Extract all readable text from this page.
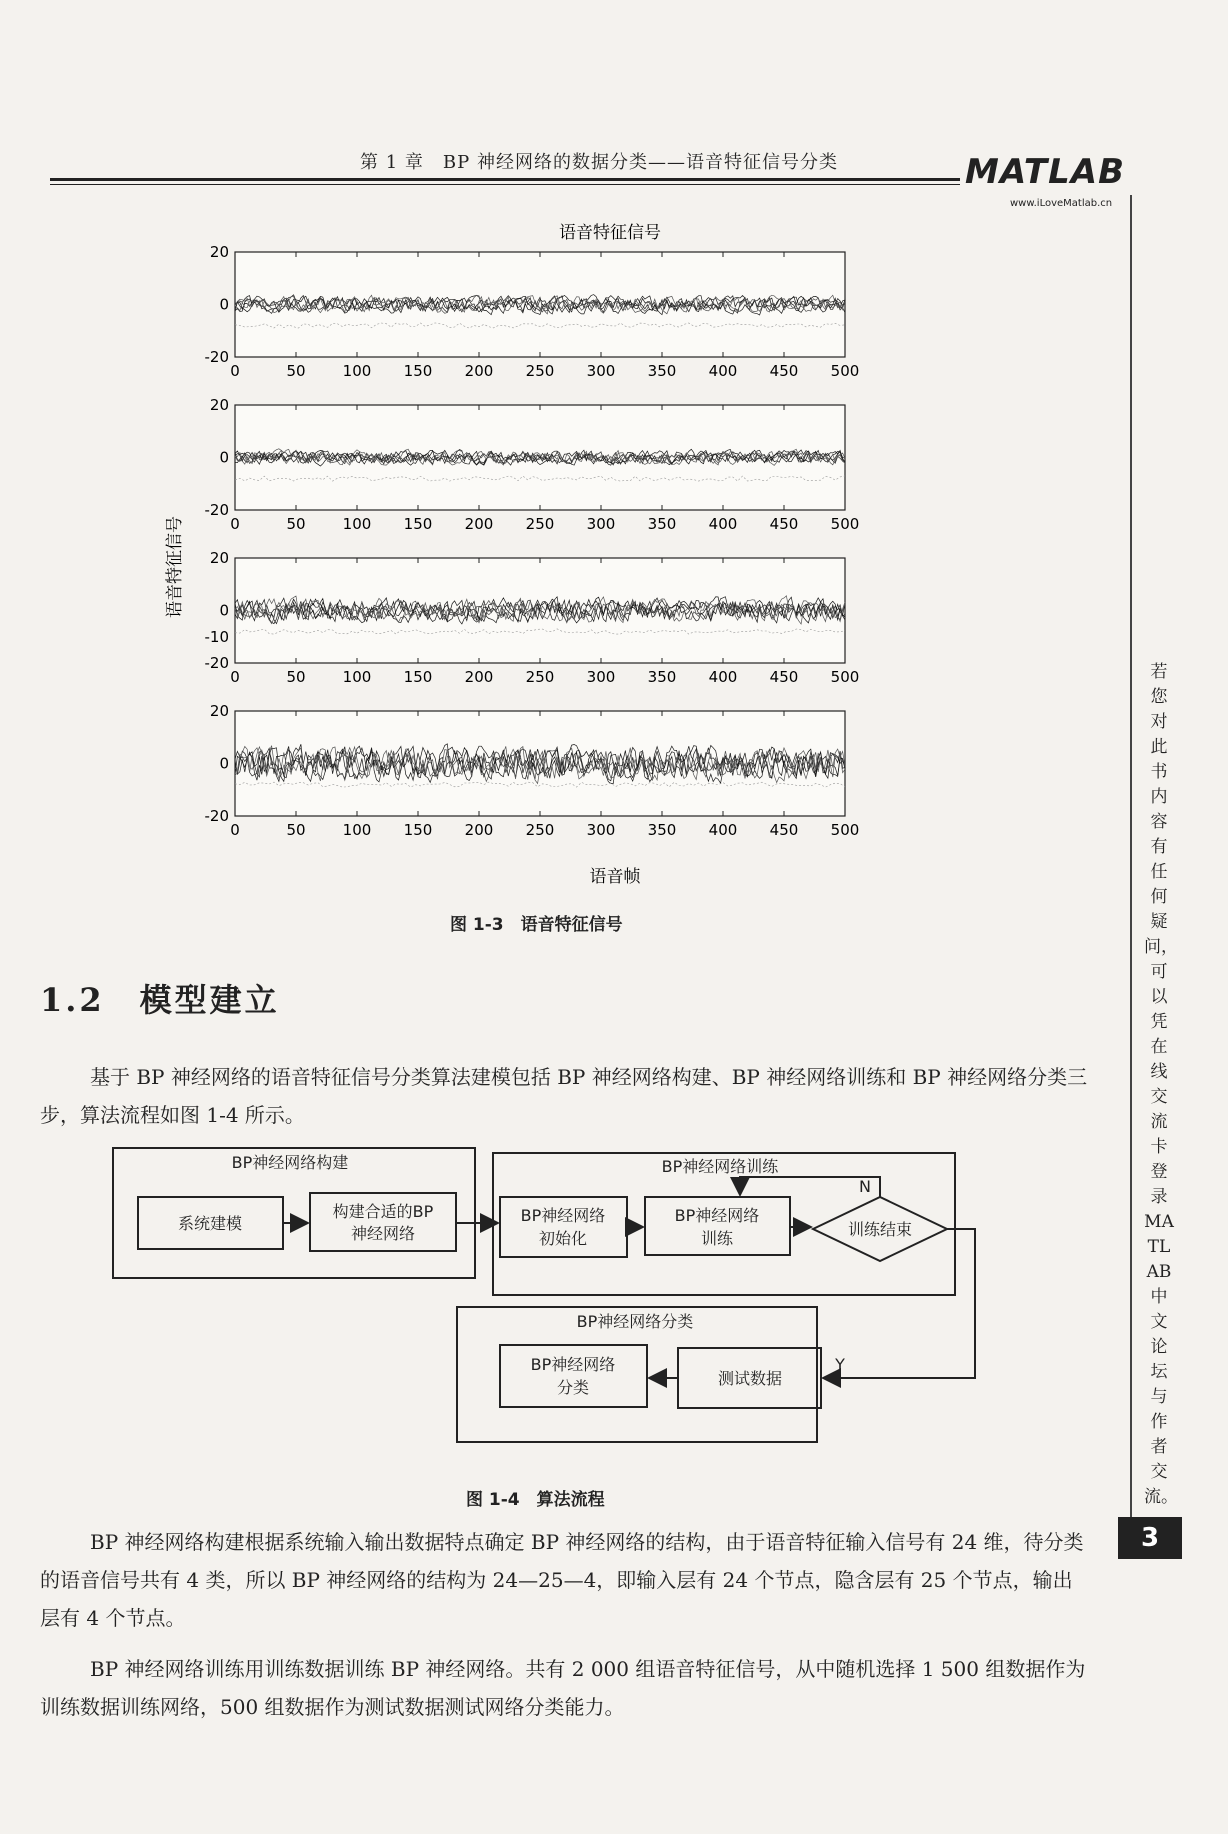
第 1 章　BP 神经网络的数据分类——语音特征信号分类	MATLAB
www.iLoveMatlab.cn
若您对此书内容有任何疑问，可以凭在线交流卡登录MATLAB中文论坛与作者交流。
3
语音特征信号
语音特征信号
语音帧
20
0
-20
0	50 100 150 200 250 300 350 400 450 500
20
0
-20
0	50 100 150 200 250 300 350 400 450 500
20
0
-10
-20
0	50 100 150 200 250 300 350 400 450 500
20
0
-20
0	50 100 150 200 250 300 350 400 450 500
图 1-3　语音特征信号
1.2　模型建立

基于 BP 神经网络的语音特征信号分类算法建模包括 BP 神经网络构建、BP 神经网络训练和 BP 神经网络分类三步，算法流程如图 1-4 所示。

BP神经网络构建	BP神经网络训练
BP神经网络分类
系统建模
构建合适的BP
神经网络
BP神经网络
初始化
BP神经网络
训练	训练结束
N
Y
测试数据
BP神经网络
分类
图 1-4　算法流程

BP 神经网络构建根据系统输入输出数据特点确定 BP 神经网络的结构，由于语音特征输入信号有 24 维，待分类的语音信号共有 4 类，所以 BP 神经网络的结构为 24—25—4，即输入层有 24 个节点，隐含层有 25 个节点，输出层有 4 个节点。

BP 神经网络训练用训练数据训练 BP 神经网络。共有 2 000 组语音特征信号，从中随机选择 1 500 组数据作为训练数据训练网络，500 组数据作为测试数据测试网络分类能力。
